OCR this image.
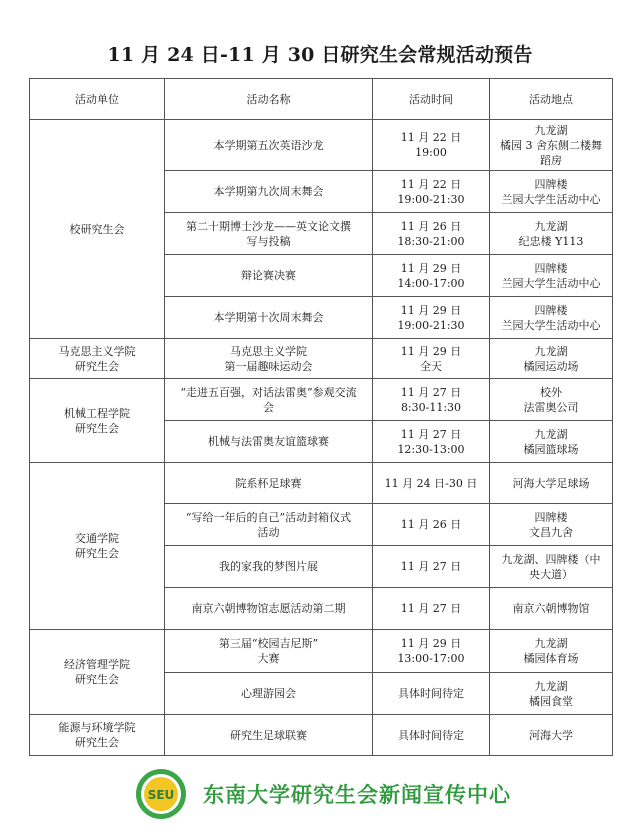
11 月 24 日-11 月 30 日研究生会常规活动预告
活动单位	活动名称	活动时间	活动地点

校研究生会	本学期第五次英语沙龙	11 月 22 日
19:00	九龙湖
橘园 3 舍东侧二楼舞
蹈房

	本学期第九次周末舞会	11 月 22 日
19:00-21:30	四牌楼
兰园大学生活动中心

	第二十期博士沙龙——英文论文撰
写与投稿	11 月 26 日
18:30-21:00	九龙湖
纪忠楼 Y113

	辩论赛决赛	11 月 29 日
14:00-17:00	四牌楼
兰园大学生活动中心

	本学期第十次周末舞会	11 月 29 日
19:00-21:30	四牌楼
兰园大学生活动中心

马克思主义学院
研究生会	马克思主义学院
第一届趣味运动会	11 月 29 日
全天	九龙湖
橘园运动场

机械工程学院
研究生会	“走进五百强，对话法雷奥”参观交流
会	11 月 27 日
8:30-11:30	校外
法雷奥公司

	机械与法雷奥友谊篮球赛	11 月 27 日
12:30-13:00	九龙湖
橘园篮球场

交通学院
研究生会	院系杯足球赛	11 月 24 日-30 日	河海大学足球场

	“写给一年后的自己”活动封箱仪式
活动	11 月 26 日	四牌楼
文昌九舍

	我的家我的梦图片展	11 月 27 日	九龙湖、四牌楼（中
央大道）

	南京六朝博物馆志愿活动第二期	11 月 27 日	南京六朝博物馆

经济管理学院
研究生会	第三届“校园吉尼斯”
大赛	11 月 29 日
13:00-17:00	九龙湖
橘园体育场

	心理游园会	具体时间待定	九龙湖
橘园食堂

能源与环境学院
研究生会	研究生足球联赛	具体时间待定	河海大学
SEU 东南大学研究生会新闻宣传中心
